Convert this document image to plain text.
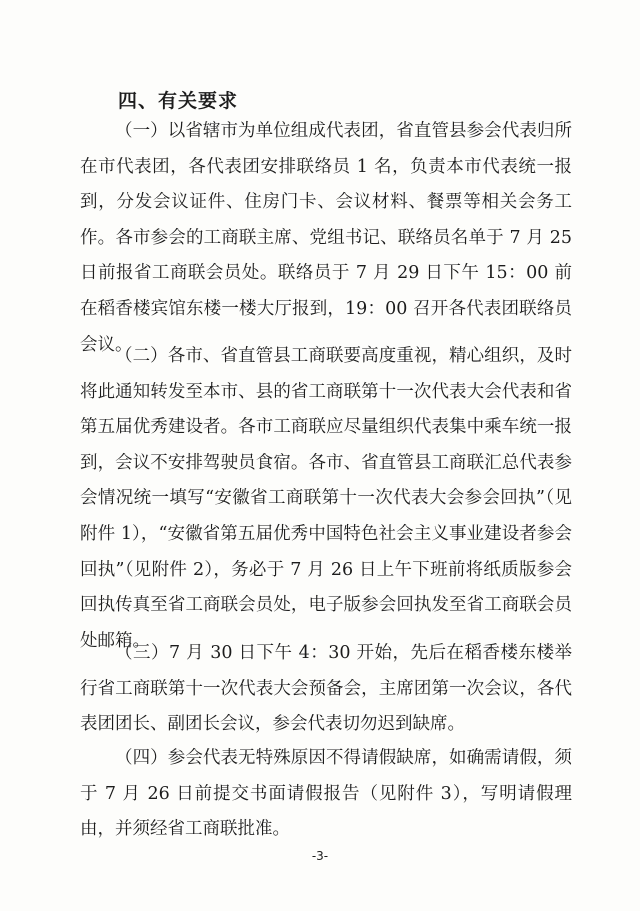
四、有关要求

（一）以省辖市为单位组成代表团，省直管县参会代表归所在市代表团，各代表团安排联络员 1 名，负责本市代表统一报到，分发会议证件、住房门卡、会议材料、餐票等相关会务工作。各市参会的工商联主席、党组书记、联络员名单于 7 月 25 日前报省工商联会员处。联络员于 7 月 29 日下午 15：00 前在稻香楼宾馆东楼一楼大厅报到，19：00 召开各代表团联络员会议。

（二）各市、省直管县工商联要高度重视，精心组织，及时将此通知转发至本市、县的省工商联第十一次代表大会代表和省第五届优秀建设者。各市工商联应尽量组织代表集中乘车统一报到，会议不安排驾驶员食宿。各市、省直管县工商联汇总代表参会情况统一填写“安徽省工商联第十一次代表大会参会回执”（见附件 1），“安徽省第五届优秀中国特色社会主义事业建设者参会回执”（见附件 2），务必于 7 月 26 日上午下班前将纸质版参会回执传真至省工商联会员处，电子版参会回执发至省工商联会员处邮箱。

（三）7 月 30 日下午 4：30 开始，先后在稻香楼东楼举行省工商联第十一次代表大会预备会，主席团第一次会议，各代表团团长、副团长会议，参会代表切勿迟到缺席。

（四）参会代表无特殊原因不得请假缺席，如确需请假，须于 7 月 26 日前提交书面请假报告（见附件 3），写明请假理由，并须经省工商联批准。

-3-
